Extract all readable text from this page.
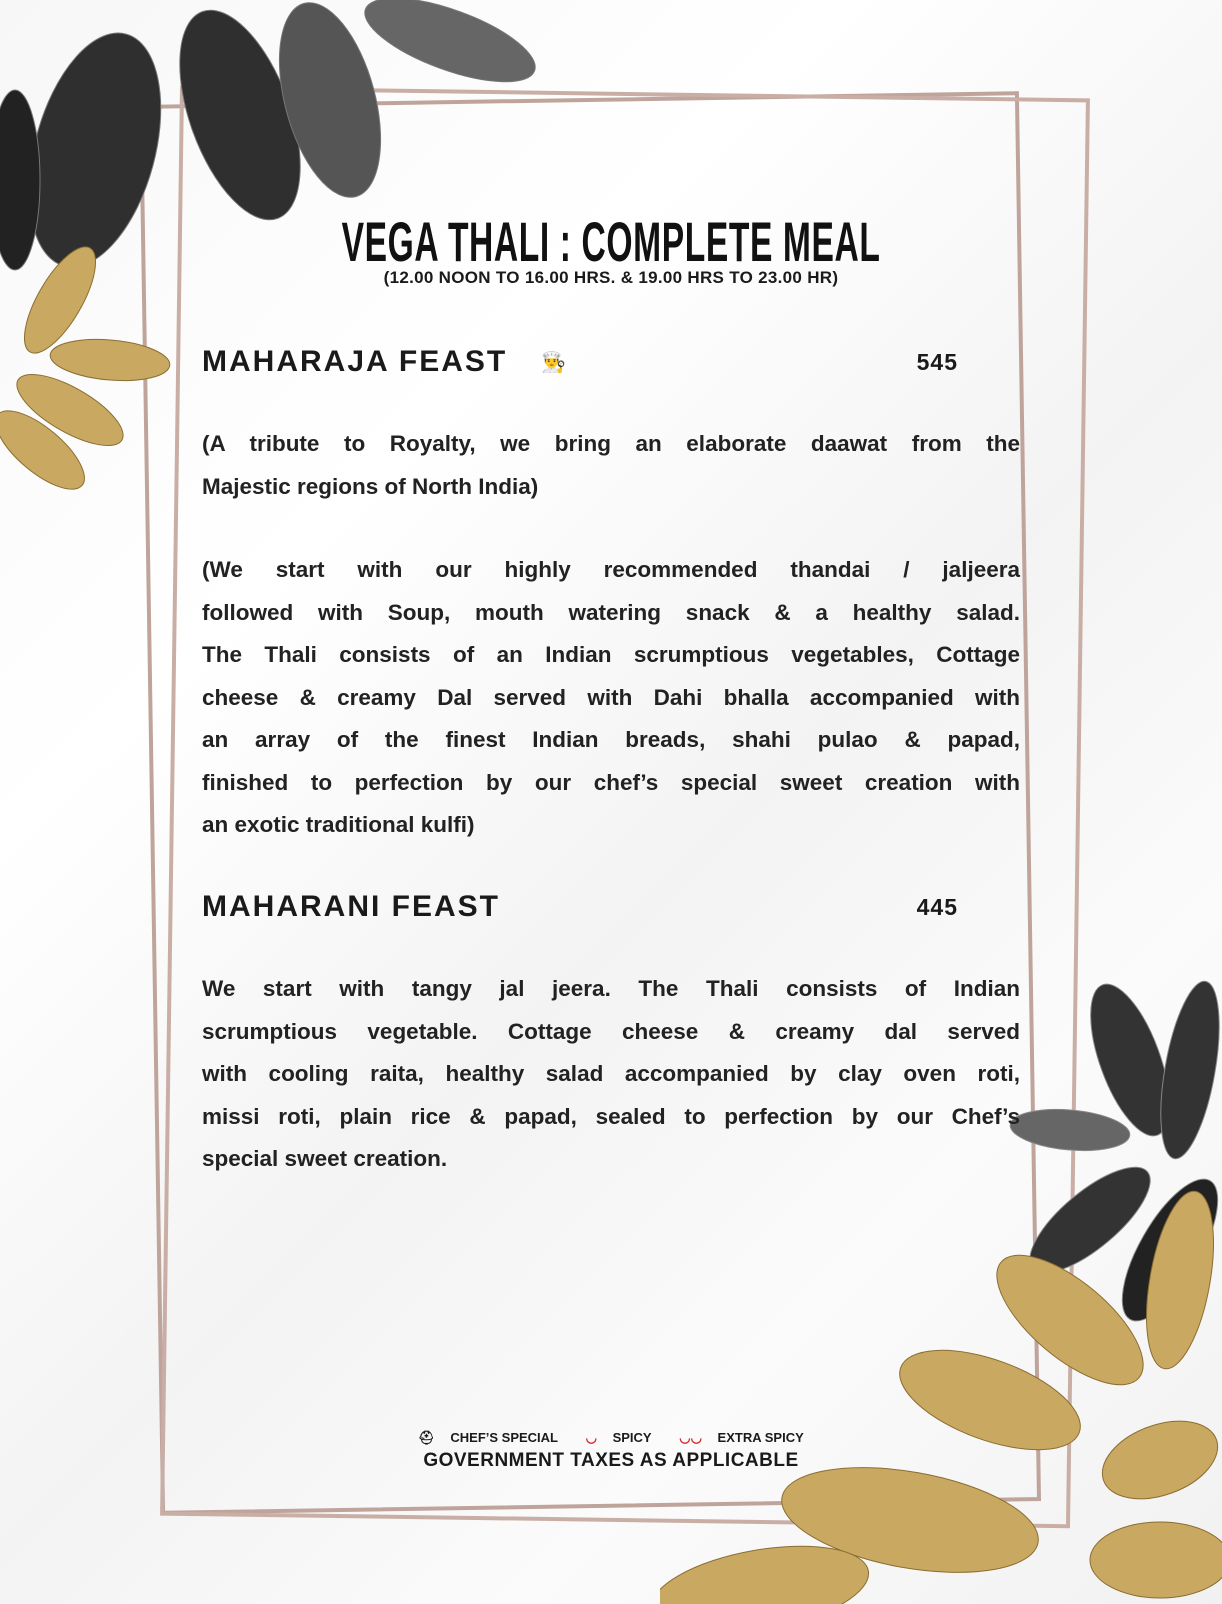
VEGA THALI : COMPLETE MEAL
(12.00 NOON TO 16.00 HRS. & 19.00 HRS TO 23.00 HR)
MAHARAJA FEAST 👨‍🍳	545
(A tribute to Royalty, we bring an elaborate daawat from the
Majestic regions of North India)
(We start with our highly recommended thandai / jaljeera
followed with Soup, mouth watering snack & a healthy salad.
The Thali consists of an Indian scrumptious vegetables, Cottage
cheese & creamy Dal served with Dahi bhalla accompanied with
an array of the finest Indian breads, shahi pulao & papad,
finished to perfection by our chef’s special sweet creation with
an exotic traditional kulfi)
MAHARANI FEAST	445
We start with tangy jal jeera. The Thali consists of Indian
scrumptious vegetable. Cottage cheese & creamy dal served
with cooling raita, healthy salad accompanied by clay oven roti,
missi roti, plain rice & papad, sealed to perfection by our Chef’s
special sweet creation.
⛑ CHEF’S SPECIAL ◡ SPICY ◡◡ EXTRA SPICY
GOVERNMENT TAXES AS APPLICABLE
